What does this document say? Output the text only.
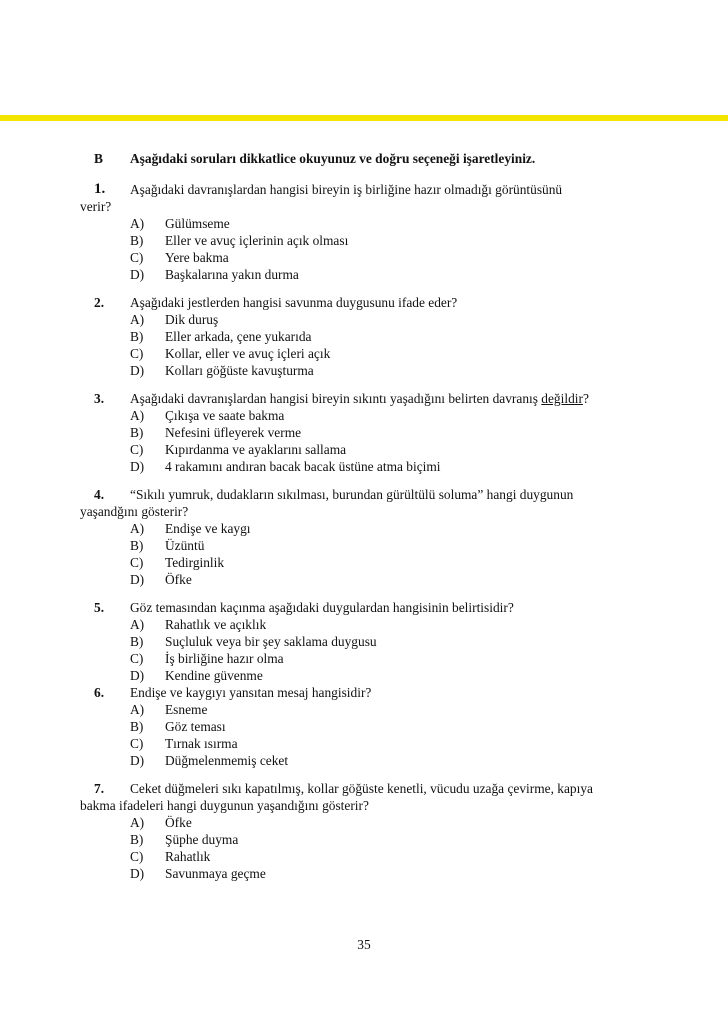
B	Aşağıdaki soruları dikkatlice okuyunuz ve doğru seçeneği işaretleyiniz.
1.	Aşağıdaki davranışlardan hangisi bireyin iş birliğine hazır olmadığı görüntüsünü
verir?
A)	Gülümseme
B)	Eller ve avuç içlerinin açık olması
C)	Yere bakma
D)	Başkalarına yakın durma
2.	Aşağıdaki jestlerden hangisi savunma duygusunu ifade eder?
A)	Dik duruş
B)	Eller arkada, çene yukarıda
C)	Kollar, eller ve avuç içleri açık
D)	Kolları göğüste kavuşturma
3.	Aşağıdaki davranışlardan hangisi bireyin sıkıntı yaşadığını belirten davranış değildir?
A)	Çıkışa ve saate bakma
B)	Nefesini üfleyerek verme
C)	Kıpırdanma ve ayaklarını sallama
D)	4 rakamını andıran bacak bacak üstüne atma biçimi
4.	“Sıkılı yumruk, dudakların sıkılması, burundan gürültülü soluma” hangi duygunun
yaşandğını gösterir?
A)	Endişe ve kaygı
B)	Üzüntü
C)	Tedirginlik
D)	Öfke
5.	Göz temasından kaçınma aşağıdaki duygulardan hangisinin belirtisidir?
A)	Rahatlık ve açıklık
B)	Suçluluk veya bir şey saklama duygusu
C)	İş birliğine hazır olma
D)	Kendine güvenme
6.	Endişe ve kaygıyı yansıtan mesaj hangisidir?
A)	Esneme
B)	Göz teması
C)	Tırnak ısırma
D)	Düğmelenmemiş ceket
7.	Ceket düğmeleri sıkı kapatılmış, kollar göğüste kenetli, vücudu uzağa çevirme, kapıya
bakma ifadeleri hangi duygunun yaşandığını gösterir?
A)	Öfke
B)	Şüphe duyma
C)	Rahatlık
D)	Savunmaya geçme
35
